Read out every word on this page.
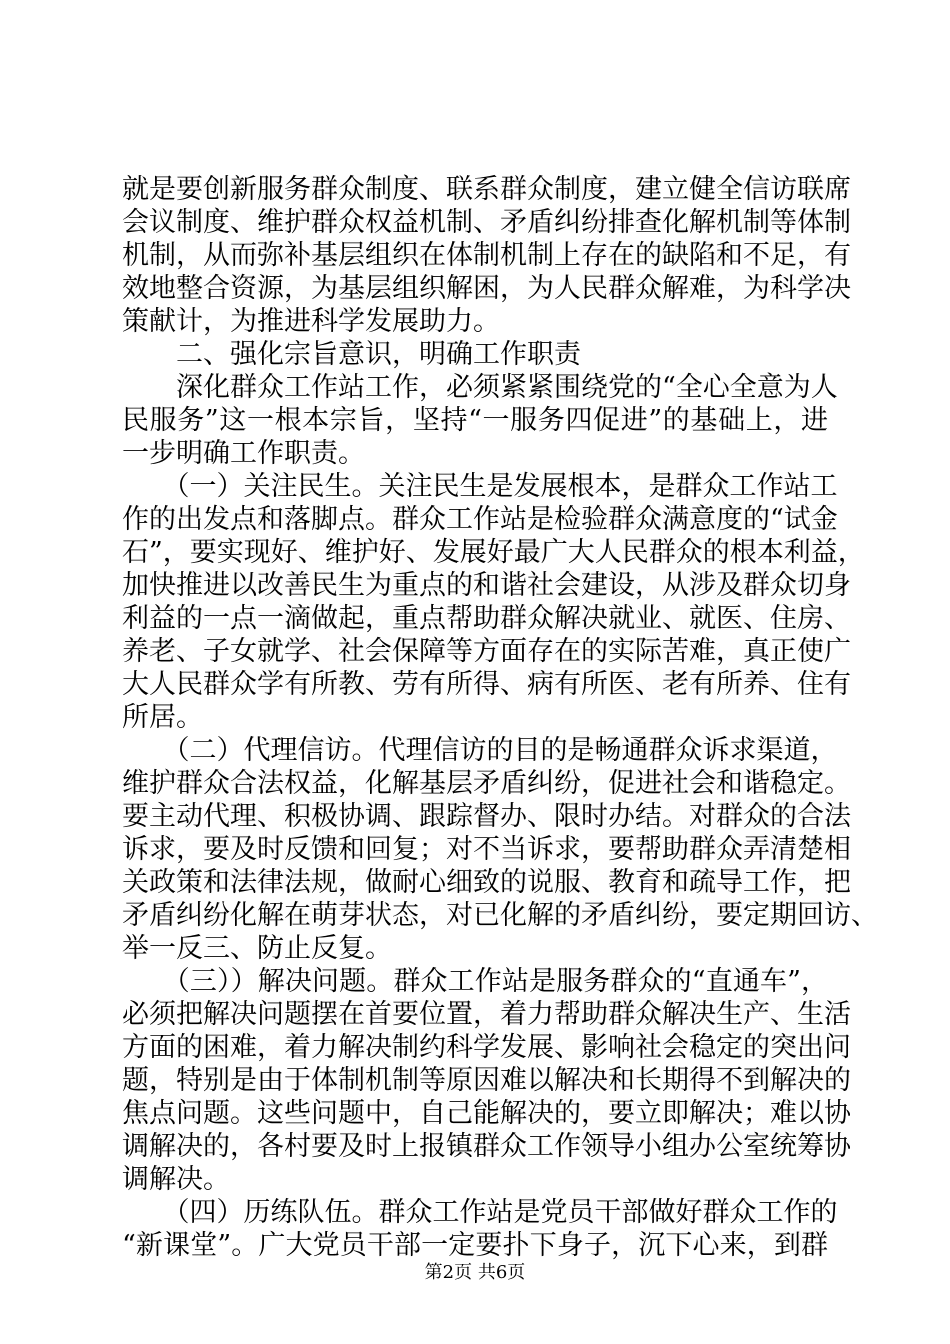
就是要创新服务群众制度、联系群众制度，建立健全信访联席
会议制度、维护群众权益机制、矛盾纠纷排查化解机制等体制
机制，从而弥补基层组织在体制机制上存在的缺陷和不足，有
效地整合资源，为基层组织解困，为人民群众解难，为科学决
策献计，为推进科学发展助力。
　　二、强化宗旨意识，明确工作职责
　　深化群众工作站工作，必须紧紧围绕党的“全心全意为人
民服务”这一根本宗旨，坚持“一服务四促进”的基础上，进
一步明确工作职责。
　　（一）关注民生。关注民生是发展根本，是群众工作站工
作的出发点和落脚点。群众工作站是检验群众满意度的“试金
石”，要实现好、维护好、发展好最广大人民群众的根本利益，
加快推进以改善民生为重点的和谐社会建设，从涉及群众切身
利益的一点一滴做起，重点帮助群众解决就业、就医、住房、
养老、子女就学、社会保障等方面存在的实际苦难，真正使广
大人民群众学有所教、劳有所得、病有所医、老有所养、住有
所居。
　　（二）代理信访。代理信访的目的是畅通群众诉求渠道，
维护群众合法权益，化解基层矛盾纠纷，促进社会和谐稳定。
要主动代理、积极协调、跟踪督办、限时办结。对群众的合法
诉求，要及时反馈和回复；对不当诉求，要帮助群众弄清楚相
关政策和法律法规，做耐心细致的说服、教育和疏导工作，把
矛盾纠纷化解在萌芽状态，对已化解的矛盾纠纷，要定期回访、
举一反三、防止反复。
　　（三））解决问题。群众工作站是服务群众的“直通车”，
必须把解决问题摆在首要位置，着力帮助群众解决生产、生活
方面的困难，着力解决制约科学发展、影响社会稳定的突出问
题，特别是由于体制机制等原因难以解决和长期得不到解决的
焦点问题。这些问题中，自己能解决的，要立即解决；难以协
调解决的，各村要及时上报镇群众工作领导小组办公室统筹协
调解决。
　　（四）历练队伍。群众工作站是党员干部做好群众工作的
“新课堂”。广大党员干部一定要扑下身子，沉下心来，到群
第2页 共6页
